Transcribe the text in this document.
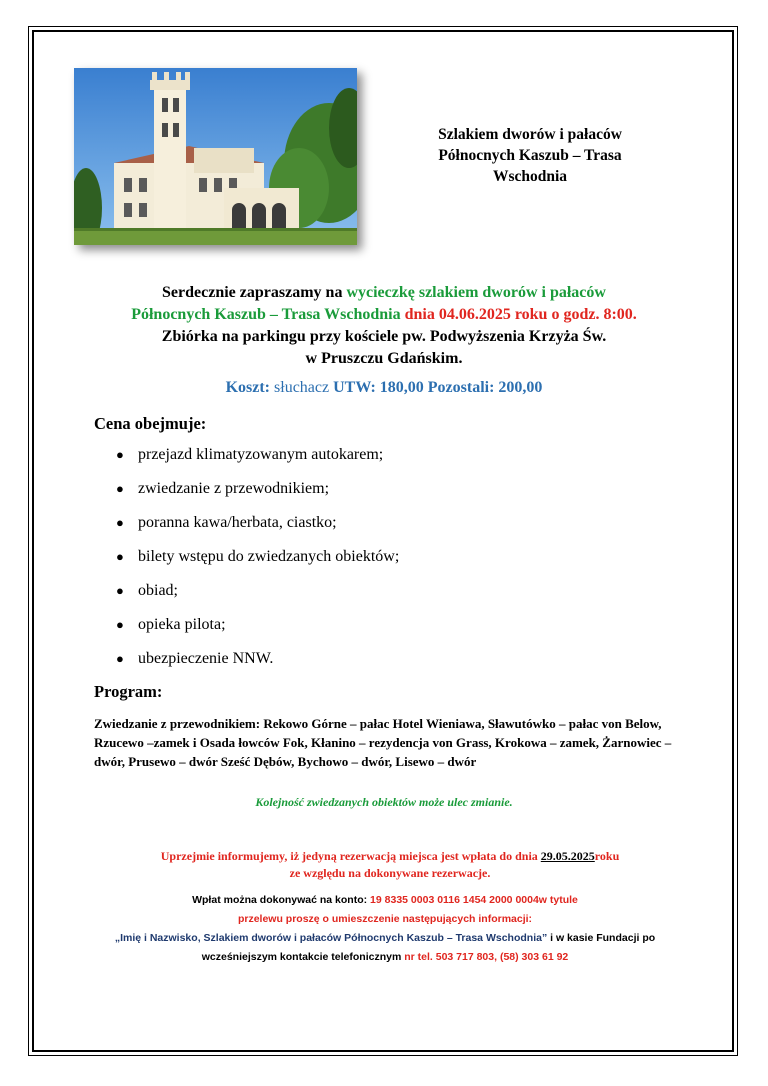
Szlakiem dworów i pałaców
Północnych Kaszub – Trasa
Wschodnia
Serdecznie zapraszamy na wycieczkę szlakiem dworów i pałaców
Północnych Kaszub – Trasa Wschodnia dnia 04.06.2025 roku o godz. 8:00.
Zbiórka na parkingu przy kościele pw. Podwyższenia Krzyża Św.
w Pruszczu Gdańskim.
Koszt: słuchacz UTW: 180,00 Pozostali: 200,00
Cena obejmuje:
● przejazd klimatyzowanym autokarem;
● zwiedzanie z przewodnikiem;
● poranna kawa/herbata, ciastko;
● bilety wstępu do zwiedzanych obiektów;
● obiad;
● opieka pilota;
● ubezpieczenie NNW.
Program:
Zwiedzanie z przewodnikiem: Rekowo Górne – pałac Hotel Wieniawa, Sławutówko – pałac von Below, Rzucewo –zamek i Osada łowców Fok, Kłanino – rezydencja von Grass, Krokowa – zamek, Żarnowiec – dwór, Prusewo – dwór Sześć Dębów, Bychowo – dwór, Lisewo – dwór
Kolejność zwiedzanych obiektów może ulec zmianie.
Uprzejmie informujemy, iż jedyną rezerwacją miejsca jest wpłata do dnia 29.05.2025roku
ze względu na dokonywane rezerwacje.
Wpłat można dokonywać na konto: 19 8335 0003 0116 1454 2000 0004w tytule
przelewu proszę o umieszczenie następujących informacji:
„Imię i Nazwisko, Szlakiem dworów i pałaców Północnych Kaszub – Trasa Wschodnia” i w kasie Fundacji po
wcześniejszym kontakcie telefonicznym nr tel. 503 717 803, (58) 303 61 92
